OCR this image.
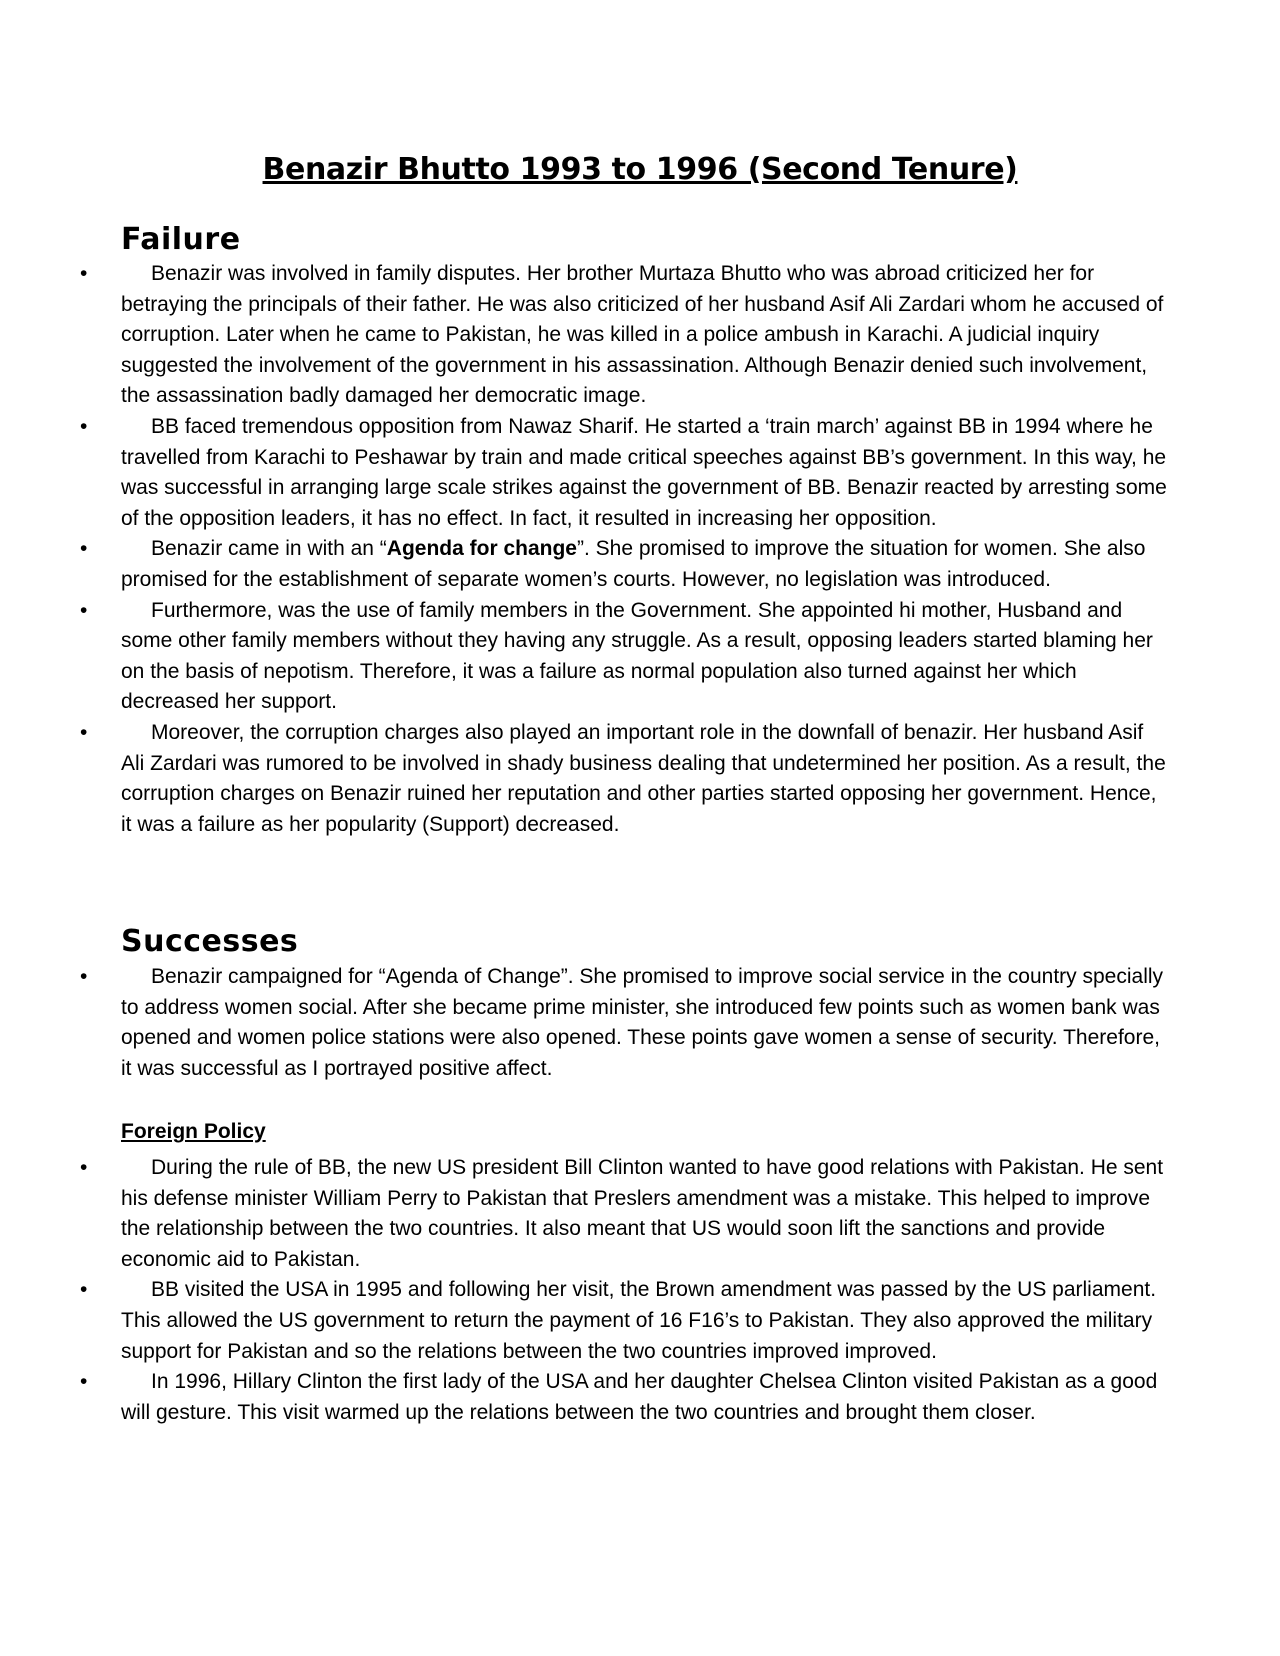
Benazir Bhutto 1993 to 1996 (Second Tenure)
Failure
•	Benazir was involved in family disputes. Her brother Murtaza Bhutto who was abroad criticized her for betraying the principals of their father. He was also criticized of her husband Asif Ali Zardari whom he accused of corruption. Later when he came to Pakistan, he was killed in a police ambush in Karachi. A judicial inquiry suggested the involvement of the government in his assassination. Although Benazir denied such involvement, the assassination badly damaged her democratic image.
•	BB faced tremendous opposition from Nawaz Sharif. He started a ‘train march’ against BB in 1994 where he travelled from Karachi to Peshawar by train and made critical speeches against BB’s government. In this way, he was successful in arranging large scale strikes against the government of BB. Benazir reacted by arresting some of the opposition leaders, it has no effect. In fact, it resulted in increasing her opposition.
•	Benazir came in with an “Agenda for change”. She promised to improve the situation for women. She also promised for the establishment of separate women’s courts. However, no legislation was introduced.
•	Furthermore, was the use of family members in the Government. She appointed hi mother, Husband and some other family members without they having any struggle. As a result, opposing leaders started blaming her on the basis of nepotism. Therefore, it was a failure as normal population also turned against her which decreased her support.
•	Moreover, the corruption charges also played an important role in the downfall of benazir. Her husband Asif Ali Zardari was rumored to be involved in shady business dealing that undetermined her position. As a result, the corruption charges on Benazir ruined her reputation and other parties started opposing her government. Hence, it was a failure as her popularity (Support) decreased.
Successes
•	Benazir campaigned for “Agenda of Change”. She promised to improve social service in the country specially to address women social. After she became prime minister, she introduced few points such as women bank was opened and women police stations were also opened. These points gave women a sense of security. Therefore, it was successful as I portrayed positive affect.
Foreign Policy
•	During the rule of BB, the new US president Bill Clinton wanted to have good relations with Pakistan. He sent his defense minister William Perry to Pakistan that Preslers amendment was a mistake. This helped to improve the relationship between the two countries. It also meant that US would soon lift the sanctions and provide economic aid to Pakistan.
•	BB visited the USA in 1995 and following her visit, the Brown amendment was passed by the US parliament. This allowed the US government to return the payment of 16 F16’s to Pakistan. They also approved the military support for Pakistan and so the relations between the two countries improved improved.
•	In 1996, Hillary Clinton the first lady of the USA and her daughter Chelsea Clinton visited Pakistan as a good will gesture. This visit warmed up the relations between the two countries and brought them closer.
